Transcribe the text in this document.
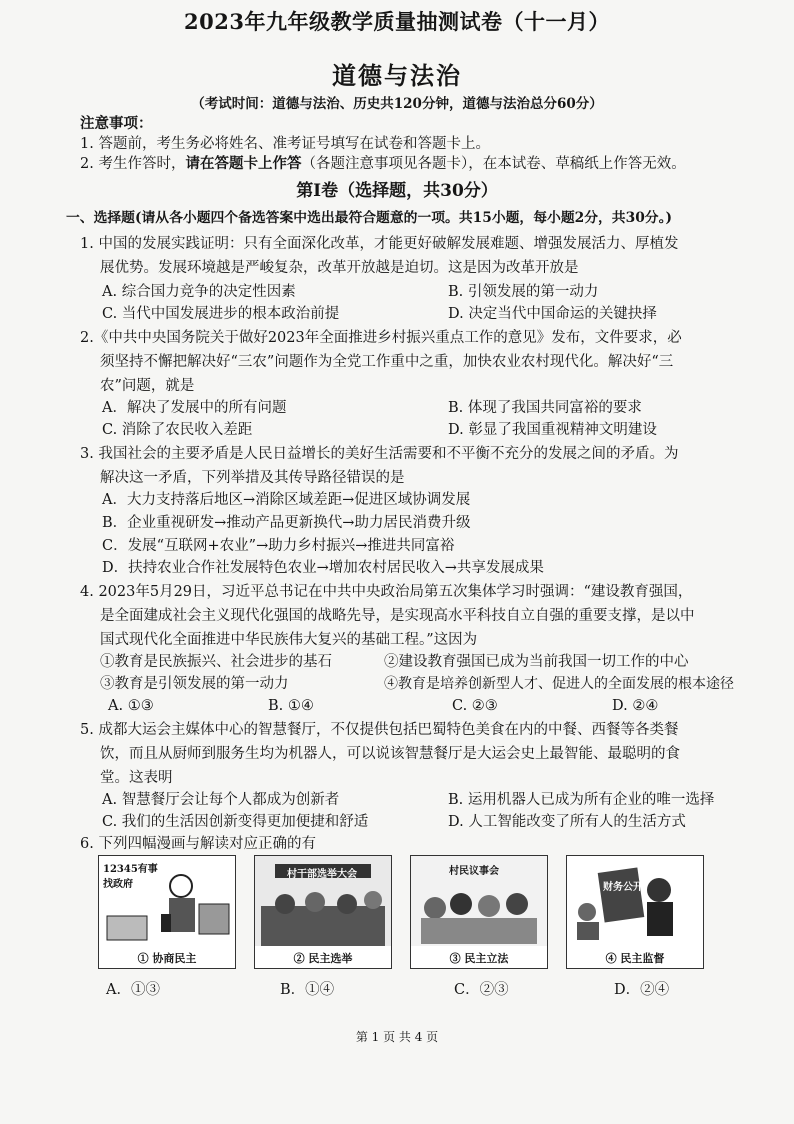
2023年九年级教学质量抽测试卷（十一月）
道德与法治
（考试时间：道德与法治、历史共120分钟，道德与法治总分60分）
注意事项：
1. 答题前，考生务必将姓名、准考证号填写在试卷和答题卡上。
2. 考生作答时，请在答题卡上作答（各题注意事项见各题卡），在本试卷、草稿纸上作答无效。
第Ⅰ卷（选择题，共30分）
一、选择题(请从各小题四个备选答案中选出最符合题意的一项。共15小题，每小题2分，共30分。)
1. 中国的发展实践证明：只有全面深化改革，才能更好破解发展难题、增强发展活力、厚植发
展优势。发展环境越是严峻复杂，改革开放越是迫切。这是因为改革开放是
A. 综合国力竞争的决定性因素	B. 引领发展的第一动力
C. 当代中国发展进步的根本政治前提	D. 决定当代中国命运的关键抉择
2.《中共中央国务院关于做好2023年全面推进乡村振兴重点工作的意见》发布，文件要求，必
须坚持不懈把解决好“三农”问题作为全党工作重中之重，加快农业农村现代化。解决好“三
农”问题，就是
A．解决了发展中的所有问题	B. 体现了我国共同富裕的要求
C. 消除了农民收入差距	D. 彰显了我国重视精神文明建设
3. 我国社会的主要矛盾是人民日益增长的美好生活需要和不平衡不充分的发展之间的矛盾。为
解决这一矛盾，下列举措及其传导路径错误的是
A．大力支持落后地区→消除区域差距→促进区域协调发展
B．企业重视研发→推动产品更新换代→助力居民消费升级
C．发展“互联网+农业”→助力乡村振兴→推进共同富裕
D．扶持农业合作社发展特色农业→增加农村居民收入→共享发展成果
4. 2023年5月29日，习近平总书记在中共中央政治局第五次集体学习时强调：“建设教育强国，
是全面建成社会主义现代化强国的战略先导，是实现高水平科技自立自强的重要支撑，是以中
国式现代化全面推进中华民族伟大复兴的基础工程。”这因为
①教育是民族振兴、社会进步的基石	②建设教育强国已成为当前我国一切工作的中心
③教育是引领发展的第一动力	④教育是培养创新型人才、促进人的全面发展的根本途径
A. ①③	B. ①④	C. ②③	D. ②④
5. 成都大运会主媒体中心的智慧餐厅，不仅提供包括巴蜀特色美食在内的中餐、西餐等各类餐
饮，而且从厨师到服务生均为机器人，可以说该智慧餐厅是大运会史上最智能、最聪明的食
堂。这表明
A. 智慧餐厅会让每个人都成为创新者	B. 运用机器人已成为所有企业的唯一选择
C. 我们的生活因创新变得更加便捷和舒适	D. 人工智能改变了所有人的生活方式
6. 下列四幅漫画与解读对应正确的有
12345有事找政府
① 协商民主
村干部选举大会
② 民主选举
村民议事会
③ 民主立法
财务公开
④ 民主监督
A．①③	B．①④	C．②③	D．②④
第 1 页 共 4 页
